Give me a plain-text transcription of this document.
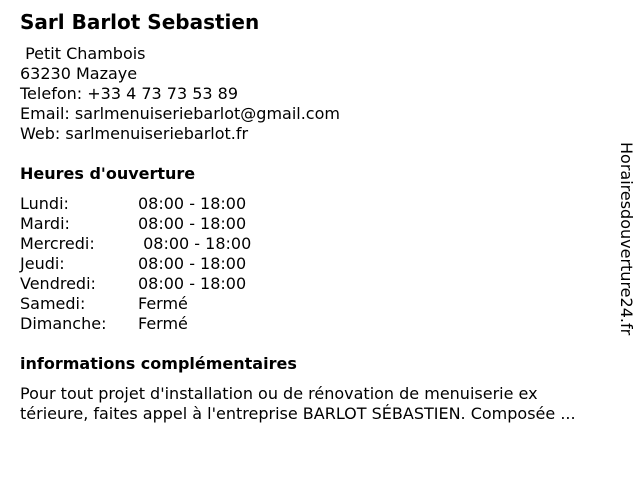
Sarl Barlot Sebastien
Petit Chambois
63230 Mazaye
Telefon: +33 4 73 73 53 89
Email: sarlmenuiseriebarlot@gmail.com
Web: sarlmenuiseriebarlot.fr
Heures d'ouverture
Lundi:	08:00 - 18:00
Mardi:	08:00 - 18:00
Mercredi:	08:00 - 18:00
Jeudi:	08:00 - 18:00
Vendredi:	08:00 - 18:00
Samedi:	Fermé
Dimanche: Fermé
informations complémentaires
Pour tout projet d'installation ou de rénovation de menuiserie ex
térieure, faites appel à l'entreprise BARLOT SÉBASTIEN. Composée ...
Horairesdouverture24.fr
